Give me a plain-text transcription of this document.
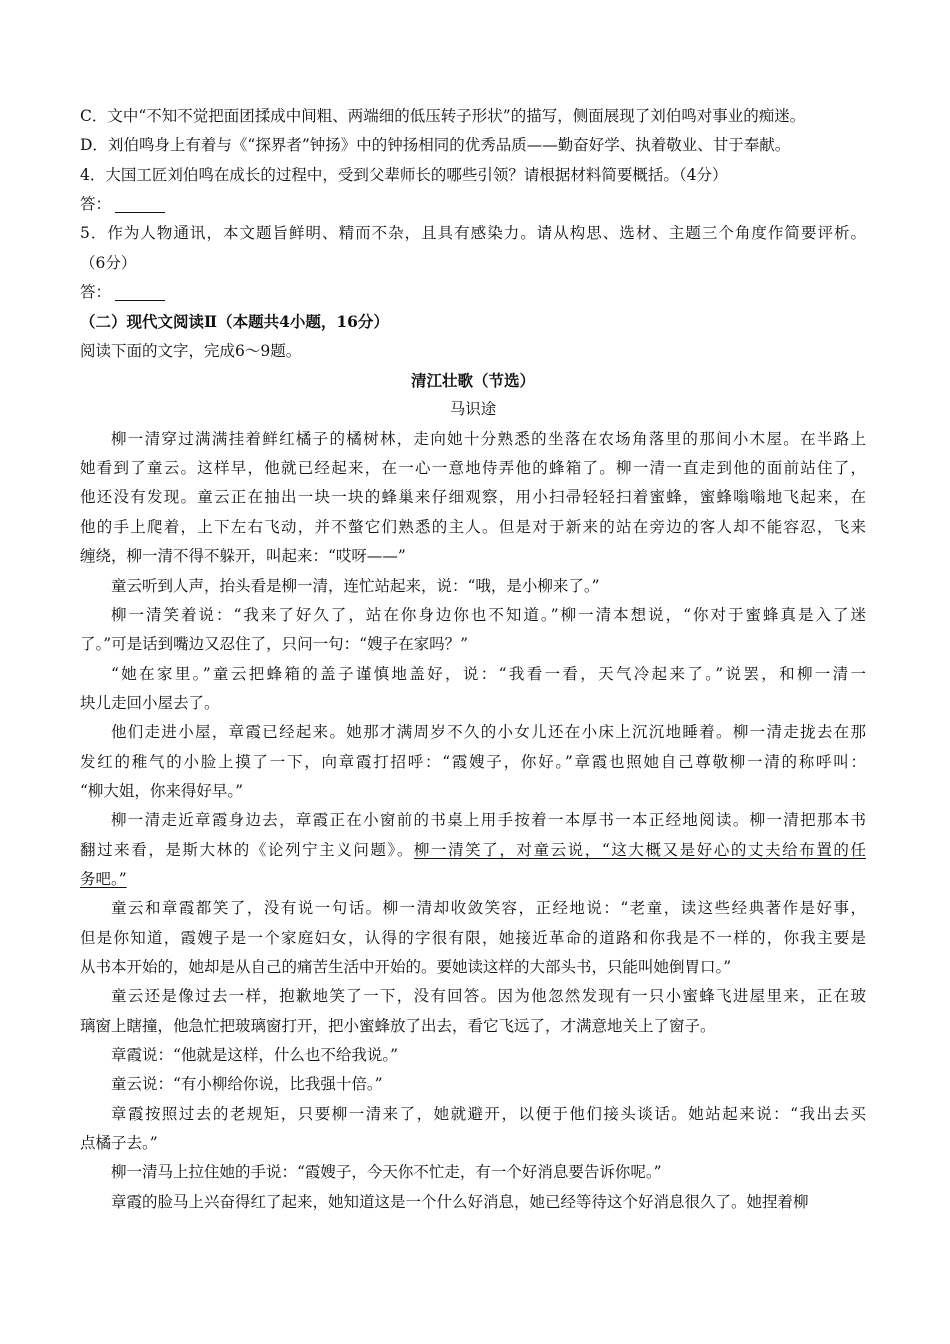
C．文中“不知不觉把面团揉成中间粗、两端细的低压转子形状”的描写，侧面展现了刘伯鸣对事业的痴迷。
D．刘伯鸣身上有着与《“探界者”钟扬》中的钟扬相同的优秀品质——勤奋好学、执着敬业、甘于奉献。
4．大国工匠刘伯鸣在成长的过程中，受到父辈师长的哪些引领？请根据材料简要概括。（4分）
答：
5．作为人物通讯，本文题旨鲜明、精而不杂，且具有感染力。请从构思、选材、主题三个角度作简要评析。
（6分）
答：
（二）现代文阅读Ⅱ（本题共4小题，16分）
阅读下面的文字，完成6～9题。
清江壮歌（节选）
马识途
柳一清穿过满满挂着鲜红橘子的橘树林，走向她十分熟悉的坐落在农场角落里的那间小木屋。在半路上
她看到了童云。这样早，他就已经起来，在一心一意地侍弄他的蜂箱了。柳一清一直走到他的面前站住了，
他还没有发现。童云正在抽出一块一块的蜂巢来仔细观察，用小扫帚轻轻扫着蜜蜂，蜜蜂嗡嗡地飞起来，在
他的手上爬着，上下左右飞动，并不螫它们熟悉的主人。但是对于新来的站在旁边的客人却不能容忍，飞来
缠绕，柳一清不得不躲开，叫起来：“哎呀——”
童云听到人声，抬头看是柳一清，连忙站起来，说：“哦，是小柳来了。”
柳一清笑着说：“我来了好久了，站在你身边你也不知道。”柳一清本想说，“你对于蜜蜂真是入了迷
了。”可是话到嘴边又忍住了，只问一句：“嫂子在家吗？”
“她在家里。”童云把蜂箱的盖子谨慎地盖好，说：“我看一看，天气冷起来了。”说罢，和柳一清一
块儿走回小屋去了。
他们走进小屋，章霞已经起来。她那才满周岁不久的小女儿还在小床上沉沉地睡着。柳一清走拢去在那
发红的稚气的小脸上摸了一下，向章霞打招呼：“霞嫂子，你好。”章霞也照她自己尊敬柳一清的称呼叫：
“柳大姐，你来得好早。”
柳一清走近章霞身边去，章霞正在小窗前的书桌上用手按着一本厚书一本正经地阅读。柳一清把那本书
翻过来看，是斯大林的《论列宁主义问题》。柳一清笑了，对童云说，“这大概又是好心的丈夫给布置的任
务吧。”
童云和章霞都笑了，没有说一句话。柳一清却收敛笑容，正经地说：“老童，读这些经典著作是好事，
但是你知道，霞嫂子是一个家庭妇女，认得的字很有限，她接近革命的道路和你我是不一样的，你我主要是
从书本开始的，她却是从自己的痛苦生活中开始的。要她读这样的大部头书，只能叫她倒胃口。”
童云还是像过去一样，抱歉地笑了一下，没有回答。因为他忽然发现有一只小蜜蜂飞进屋里来，正在玻
璃窗上瞎撞，他急忙把玻璃窗打开，把小蜜蜂放了出去，看它飞远了，才满意地关上了窗子。
章霞说：“他就是这样，什么也不给我说。”
童云说：“有小柳给你说，比我强十倍。”
章霞按照过去的老规矩，只要柳一清来了，她就避开，以便于他们接头谈话。她站起来说：“我出去买
点橘子去。”
柳一清马上拉住她的手说：“霞嫂子，今天你不忙走，有一个好消息要告诉你呢。”
章霞的脸马上兴奋得红了起来，她知道这是一个什么好消息，她已经等待这个好消息很久了。她捏着柳
